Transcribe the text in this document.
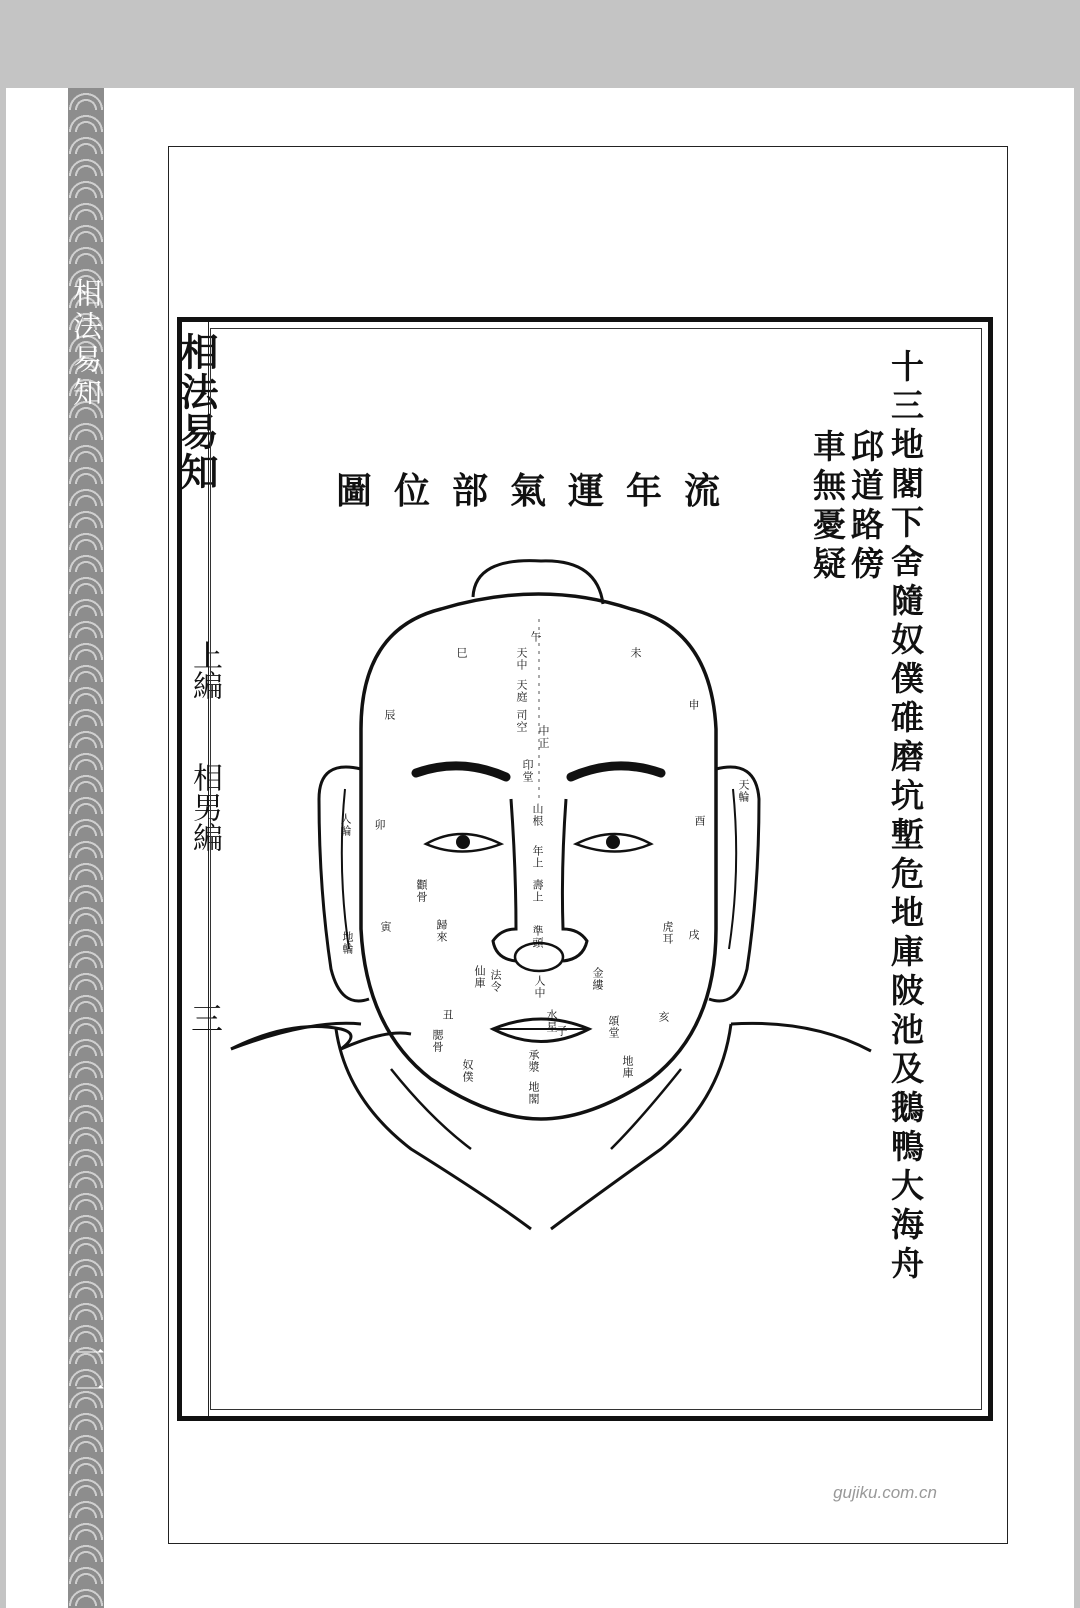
相法易知
一一
相法易知
上編
相男編
三
流年運氣部位圖	十三地閣下舍隨奴僕碓磨坑塹危地庫陂池及鵝鴨大海舟
邱道路傍
車無憂疑
午
未
巳
申
辰
酉
卯
戌
寅
亥
子
丑
天中
天庭
司空
中正
印堂
山根
年上
壽上
準頭
人中
水星
承漿
地閣
天輪
人輪
地輪
顴骨
虎耳
法令
仙庫	金縷
歸來
頌堂
地庫
奴僕
腮骨
gujiku.com.cn
